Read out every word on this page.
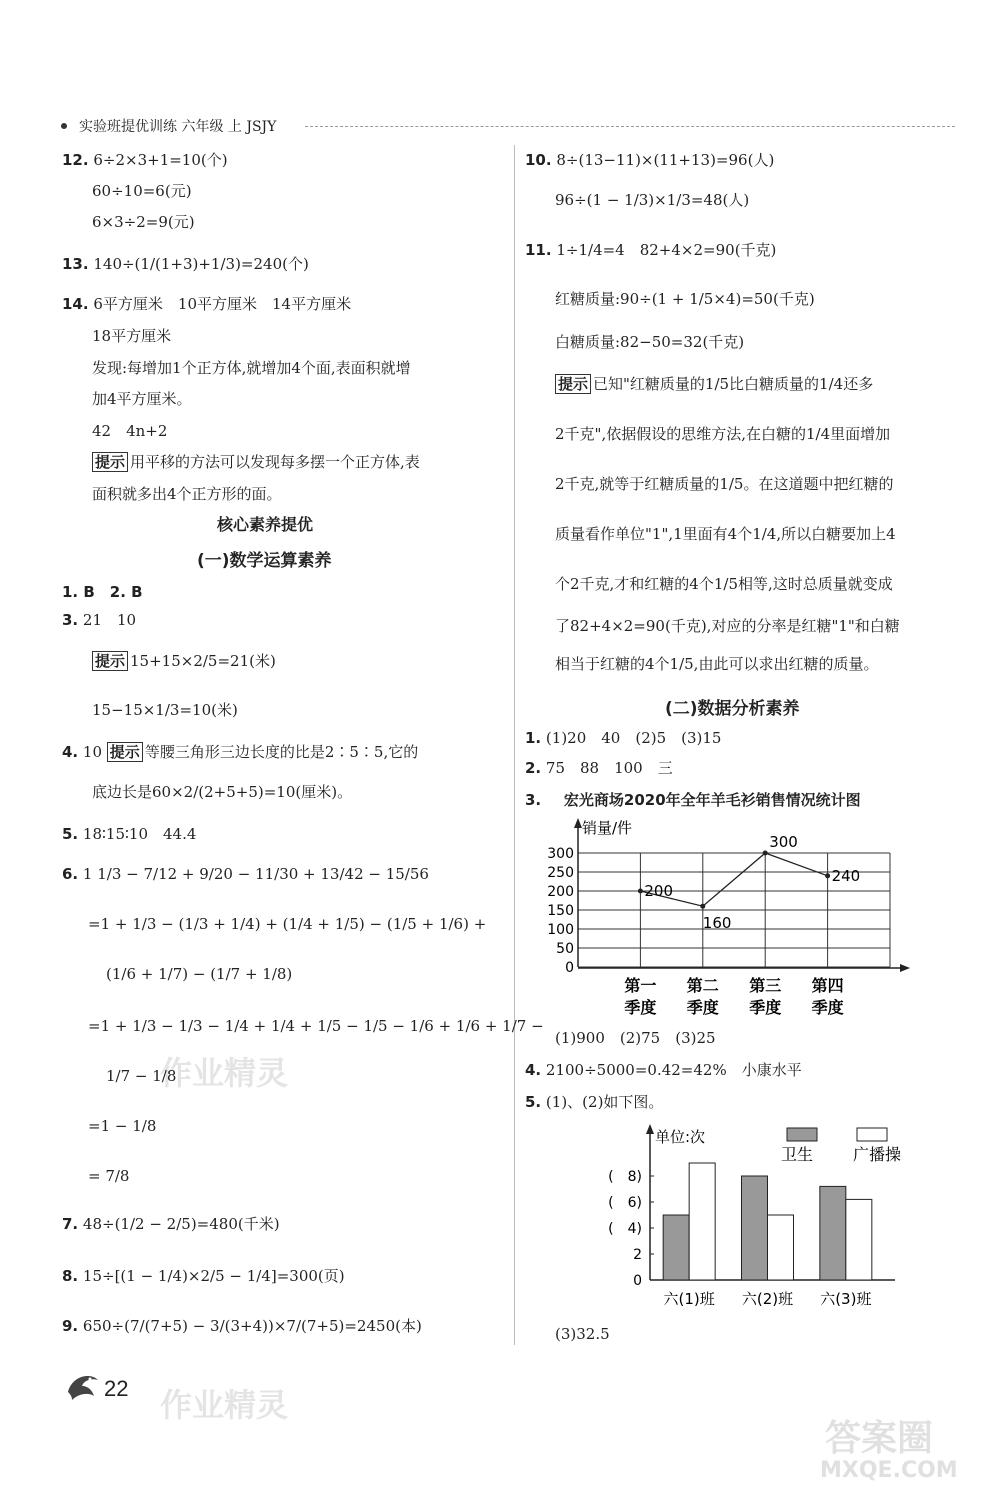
实验班提优训练 六年级 上 JSJY
作业精灵
作业精灵
答案圈
MXQE.COM
12. 6÷2×3+1=10(个)
60÷10=6(元)
6×3÷2=9(元)
13. 140÷(1/(1+3)+1/3)=240(个)
14. 6平方厘米　10平方厘米　14平方厘米
18平方厘米
发现:每增加1个正方体,就增加4个面,表面积就增
加4平方厘米。
42　4n+2
提示 用平移的方法可以发现每多摆一个正方体,表
面积就多出4个正方形的面。
核心素养提优
(一)数学运算素养
1. B　2. B
3. 21　10
提示 15+15×2/5=21(米)
15−15×1/3=10(米)
4. 10 提示 等腰三角形三边长度的比是2∶5∶5,它的
底边长是60×2/(2+5+5)=10(厘米)。
5. 18∶15∶10　44.4
6. 1 1/3 − 7/12 + 9/20 − 11/30 + 13/42 − 15/56
=1 + 1/3 − (1/3 + 1/4) + (1/4 + 1/5) − (1/5 + 1/6) +
(1/6 + 1/7) − (1/7 + 1/8)
=1 + 1/3 − 1/3 − 1/4 + 1/4 + 1/5 − 1/5 − 1/6 + 1/6 + 1/7 −
1/7 − 1/8
=1 − 1/8
= 7/8
7. 48÷(1/2 − 2/5)=480(千米)
8. 15÷[(1 − 1/4)×2/5 − 1/4]=300(页)
9. 650÷(7/(7+5) − 3/(3+4))×7/(7+5)=2450(本)
10. 8÷(13−11)×(11+13)=96(人)
96÷(1 − 1/3)×1/3=48(人)
11. 1÷1/4=4　82+4×2=90(千克)
红糖质量:90÷(1 + 1/5×4)=50(千克)
白糖质量:82−50=32(千克)
提示 已知"红糖质量的1/5比白糖质量的1/4还多
2千克",依据假设的思维方法,在白糖的1/4里面增加
2千克,就等于红糖质量的1/5。在这道题中把红糖的
质量看作单位"1",1里面有4个1/4,所以白糖要加上4
个2千克,才和红糖的4个1/5相等,这时总质量就变成
了82+4×2=90(千克),对应的分率是红糖"1"和白糖
相当于红糖的4个1/5,由此可以求出红糖的质量。
(二)数据分析素养
1. (1)20　40　(2)5　(3)15
2. 75　88　100　三
3. 宏光商场2020年全年羊毛衫销售情况统计图
(1)900　(2)75　(3)25
4. 2100÷5000=0.42=42%　小康水平
5. (1)、(2)如下图。
(3)32.5
销量/件
0
50
100
150
200
250
300
200
160
300
240
第一
季度
第二
季度
第三
季度
第四
季度
单位:次
卫生 广播操
0
2
(　4)
(　6)
(　8)
六(1)班 六(2)班 六(3)班
22
